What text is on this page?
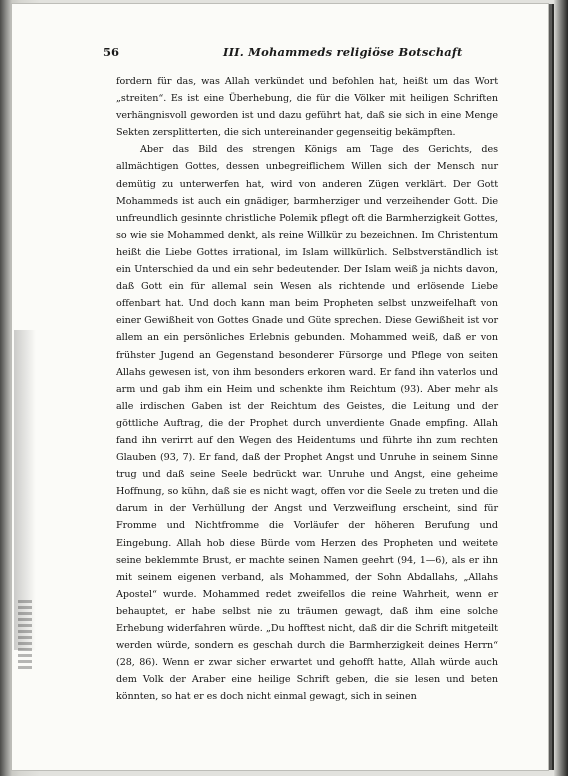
56	III. Mohammeds religiöse Botschaft

fordern für das, was Allah verkündet und befohlen hat, heißt um das Wort „streiten“. Es ist eine Überhebung, die für die Völker mit heiligen Schriften verhängnisvoll geworden ist und dazu geführt hat, daß sie sich in eine Menge Sekten zersplitterten, die sich untereinander gegenseitig bekämpften.

Aber das Bild des strengen Königs am Tage des Gerichts, des allmächtigen Gottes, dessen unbegreiflichem Willen sich der Mensch nur demütig zu unterwerfen hat, wird von anderen Zügen verklärt. Der Gott Mohammeds ist auch ein gnädiger, barmherziger und verzeihender Gott. Die unfreundlich gesinnte christliche Polemik pflegt oft die Barmherzigkeit Gottes, so wie sie Mohammed denkt, als reine Willkür zu bezeichnen. Im Christentum heißt die Liebe Gottes irrational, im Islam willkürlich. Selbstverständlich ist ein Unterschied da und ein sehr bedeutender. Der Islam weiß ja nichts davon, daß Gott ein für allemal sein Wesen als richtende und erlösende Liebe offenbart hat. Und doch kann man beim Propheten selbst unzweifelhaft von einer Gewißheit von Gottes Gnade und Güte sprechen. Diese Gewißheit ist vor allem an ein persönliches Erlebnis gebunden. Mohammed weiß, daß er von frühster Jugend an Gegenstand besonderer Fürsorge und Pflege von seiten Allahs gewesen ist, von ihm besonders erkoren ward. Er fand ihn vaterlos und arm und gab ihm ein Heim und schenkte ihm Reichtum (93). Aber mehr als alle irdischen Gaben ist der Reichtum des Geistes, die Leitung und der göttliche Auftrag, die der Prophet durch unverdiente Gnade empfing. Allah fand ihn verirrt auf den Wegen des Heidentums und führte ihn zum rechten Glauben (93, 7). Er fand, daß der Prophet Angst und Unruhe in seinem Sinne trug und daß seine Seele bedrückt war. Unruhe und Angst, eine geheime Hoffnung, so kühn, daß sie es nicht wagt, offen vor die Seele zu treten und die darum in der Verhüllung der Angst und Verzweiflung erscheint, sind für Fromme und Nichtfromme die Vorläufer der höheren Berufung und Eingebung. Allah hob diese Bürde vom Herzen des Propheten und weitete seine beklemmte Brust, er machte seinen Namen geehrt (94, 1—6), als er ihn mit seinem eigenen verband, als Mohammed, der Sohn Abdallahs, „Allahs Apostel“ wurde. Mohammed redet zweifellos die reine Wahrheit, wenn er behauptet, er habe selbst nie zu träumen gewagt, daß ihm eine solche Erhebung widerfahren würde. „Du hofftest nicht, daß dir die Schrift mitgeteilt werden würde, sondern es geschah durch die Barmherzigkeit deines Herrn“ (28, 86). Wenn er zwar sicher erwartet und gehofft hatte, Allah würde auch dem Volk der Araber eine heilige Schrift geben, die sie lesen und beten könnten, so hat er es doch nicht einmal gewagt, sich in seinen
